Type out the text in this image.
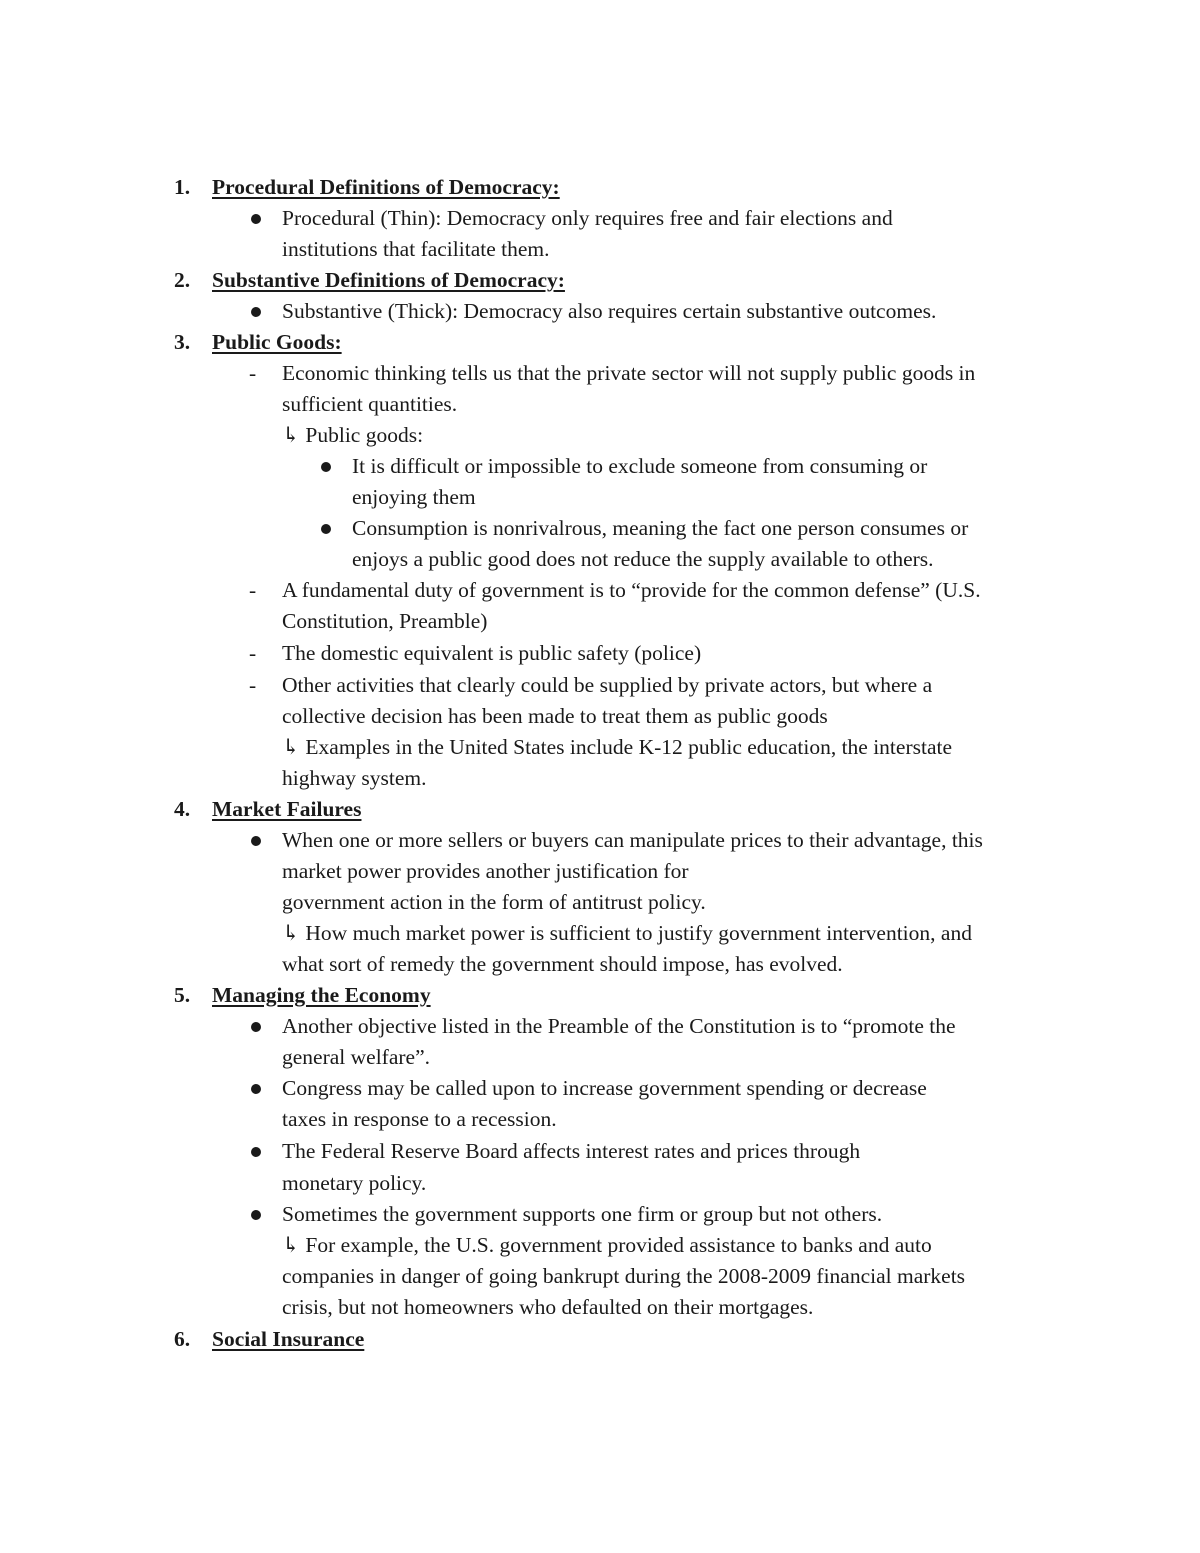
1. Procedural Definitions of Democracy:
Procedural (Thin): Democracy only requires free and fair elections and
institutions that facilitate them.
2. Substantive Definitions of Democracy:
Substantive (Thick): Democracy also requires certain substantive outcomes.
3. Public Goods:
- Economic thinking tells us that the private sector will not supply public goods in
sufficient quantities.
↳ Public goods:
It is difficult or impossible to exclude someone from consuming or
enjoying them
Consumption is nonrivalrous, meaning the fact one person consumes or
enjoys a public good does not reduce the supply available to others.
- A fundamental duty of government is to “provide for the common defense” (U.S.
Constitution, Preamble)
- The domestic equivalent is public safety (police)
- Other activities that clearly could be supplied by private actors, but where a
collective decision has been made to treat them as public goods
↳ Examples in the United States include K-12 public education, the interstate
highway system.
4. Market Failures
When one or more sellers or buyers can manipulate prices to their advantage, this
market power provides another justification for
government action in the form of antitrust policy.
↳ How much market power is sufficient to justify government intervention, and
what sort of remedy the government should impose, has evolved.
5. Managing the Economy
Another objective listed in the Preamble of the Constitution is to “promote the
general welfare”.
Congress may be called upon to increase government spending or decrease
taxes in response to a recession.
The Federal Reserve Board affects interest rates and prices through
monetary policy.
Sometimes the government supports one firm or group but not others.
↳ For example, the U.S. government provided assistance to banks and auto
companies in danger of going bankrupt during the 2008-2009 financial markets
crisis, but not homeowners who defaulted on their mortgages.
6. Social Insurance
